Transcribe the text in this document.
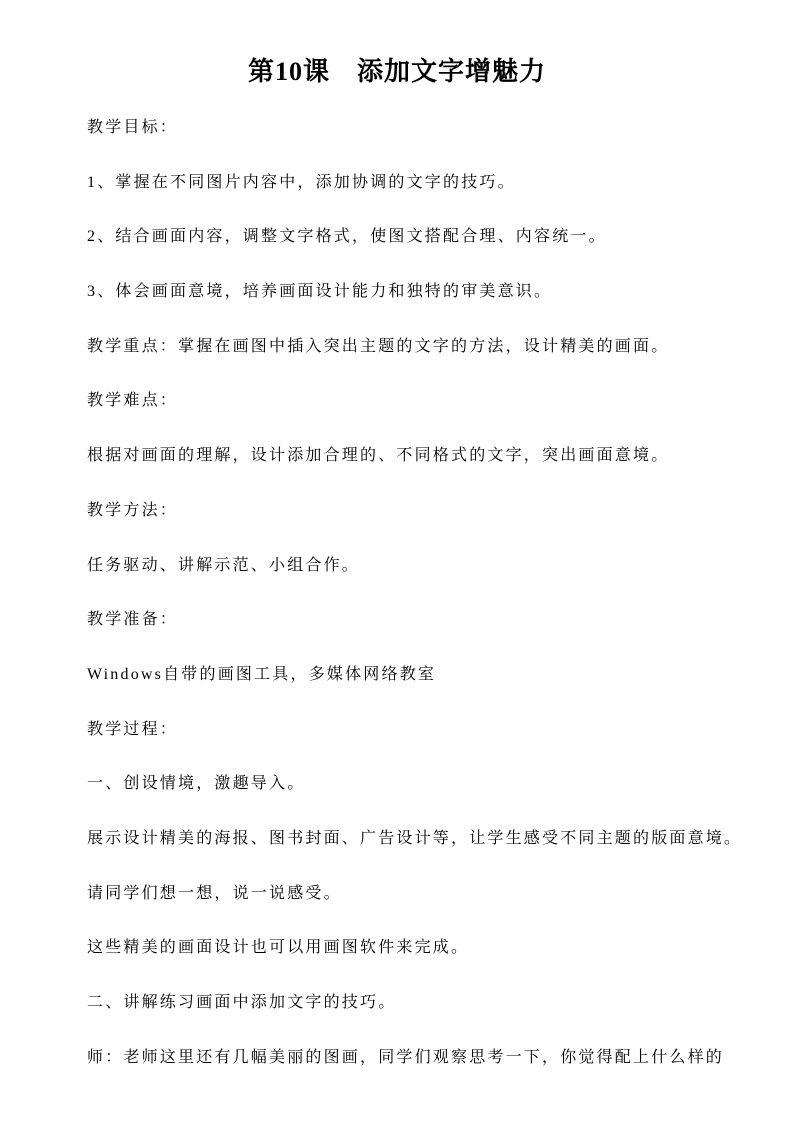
第10课　添加文字增魅力

教学目标：

1、掌握在不同图片内容中，添加协调的文字的技巧。

2、结合画面内容，调整文字格式，使图文搭配合理、内容统一。

3、体会画面意境，培养画面设计能力和独特的审美意识。

教学重点：掌握在画图中插入突出主题的文字的方法，设计精美的画面。

教学难点：

根据对画面的理解，设计添加合理的、不同格式的文字，突出画面意境。

教学方法：

任务驱动、讲解示范、小组合作。

教学准备：

Windows自带的画图工具，多媒体网络教室

教学过程：

一、创设情境，激趣导入。

展示设计精美的海报、图书封面、广告设计等，让学生感受不同主题的版面意境。

请同学们想一想，说一说感受。

这些精美的画面设计也可以用画图软件来完成。

二、讲解练习画面中添加文字的技巧。

师：老师这里还有几幅美丽的图画，同学们观察思考一下，你觉得配上什么样的
